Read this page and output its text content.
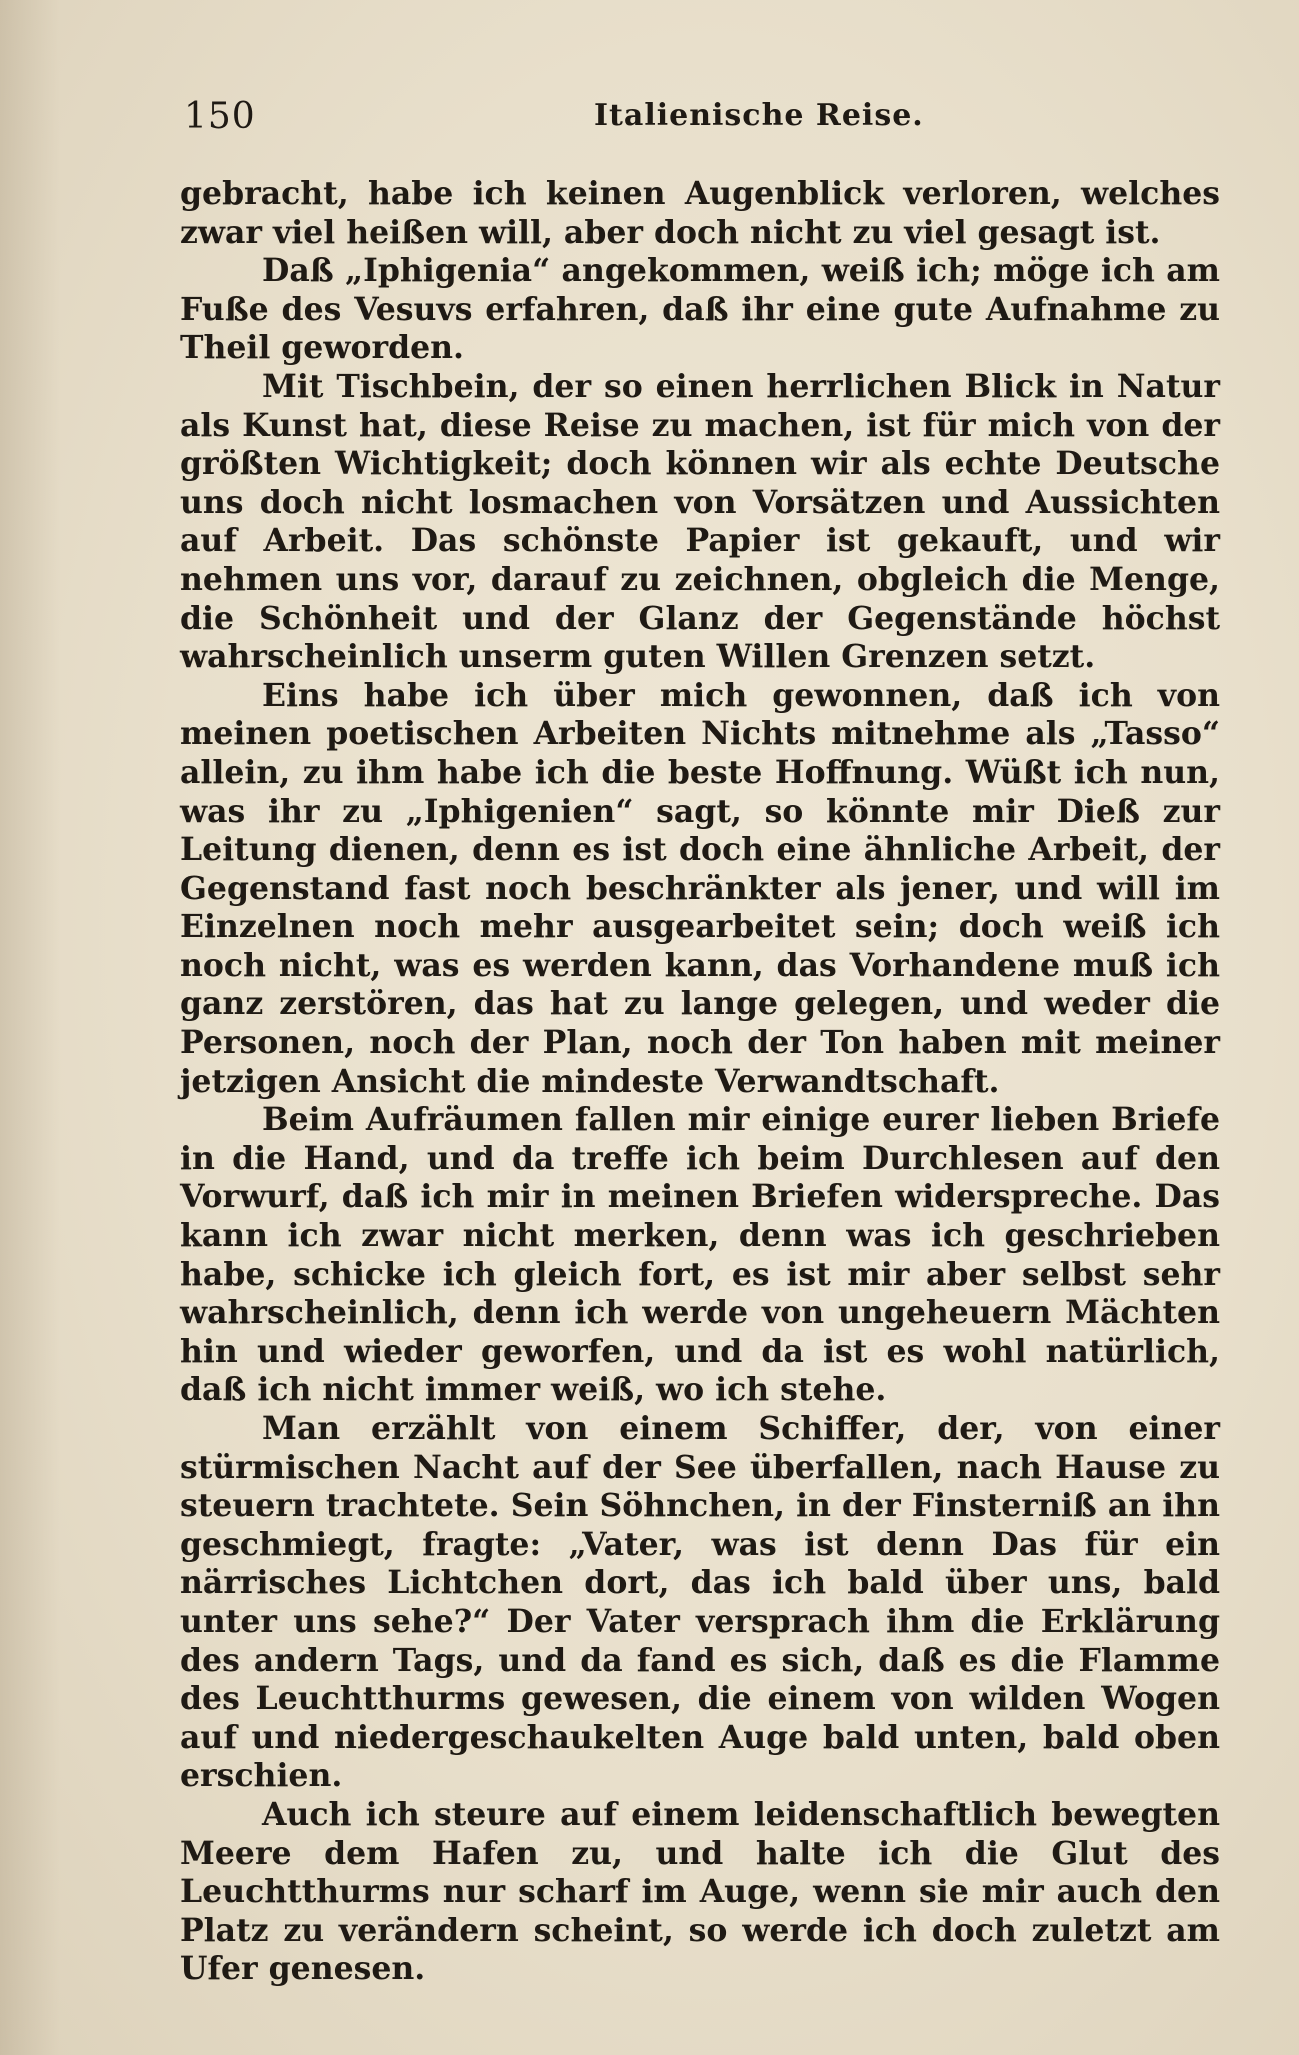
150	Italienische Reise.

gebracht, habe ich keinen Augenblick verloren, welches zwar viel heißen will, aber doch nicht zu viel gesagt ist.

Daß „Iphigenia“ angekommen, weiß ich; möge ich am Fuße des Vesuvs erfahren, daß ihr eine gute Aufnahme zu Theil geworden.

Mit Tischbein, der so einen herrlichen Blick in Natur als Kunst hat, diese Reise zu machen, ist für mich von der größten Wichtigkeit; doch können wir als echte Deutsche uns doch nicht losmachen von Vorsätzen und Aussichten auf Arbeit. Das schönste Papier ist gekauft, und wir nehmen uns vor, darauf zu zeichnen, obgleich die Menge, die Schönheit und der Glanz der Gegenstände höchst wahrscheinlich unserm guten Willen Grenzen setzt.

Eins habe ich über mich gewonnen, daß ich von meinen poetischen Arbeiten Nichts mitnehme als „Tasso“ allein, zu ihm habe ich die beste Hoffnung. Wüßt ich nun, was ihr zu „Iphigenien“ sagt, so könnte mir Dieß zur Leitung dienen, denn es ist doch eine ähnliche Arbeit, der Gegenstand fast noch beschränkter als jener, und will im Einzelnen noch mehr ausgearbeitet sein; doch weiß ich noch nicht, was es werden kann, das Vorhandene muß ich ganz zerstören, das hat zu lange gelegen, und weder die Personen, noch der Plan, noch der Ton haben mit meiner jetzigen Ansicht die mindeste Verwandtschaft.

Beim Aufräumen fallen mir einige eurer lieben Briefe in die Hand, und da treffe ich beim Durchlesen auf den Vorwurf, daß ich mir in meinen Briefen widerspreche. Das kann ich zwar nicht merken, denn was ich geschrieben habe, schicke ich gleich fort, es ist mir aber selbst sehr wahrscheinlich, denn ich werde von ungeheuern Mächten hin und wieder geworfen, und da ist es wohl natürlich, daß ich nicht immer weiß, wo ich stehe.

Man erzählt von einem Schiffer, der, von einer stürmischen Nacht auf der See überfallen, nach Hause zu steuern trachtete. Sein Söhnchen, in der Finsterniß an ihn geschmiegt, fragte: „Vater, was ist denn Das für ein närrisches Lichtchen dort, das ich bald über uns, bald unter uns sehe?“ Der Vater versprach ihm die Erklärung des andern Tags, und da fand es sich, daß es die Flamme des Leuchtthurms gewesen, die einem von wilden Wogen auf und niedergeschaukelten Auge bald unten, bald oben erschien.

Auch ich steure auf einem leidenschaftlich bewegten Meere dem Hafen zu, und halte ich die Glut des Leuchtthurms nur scharf im Auge, wenn sie mir auch den Platz zu verändern scheint, so werde ich doch zuletzt am Ufer genesen.
